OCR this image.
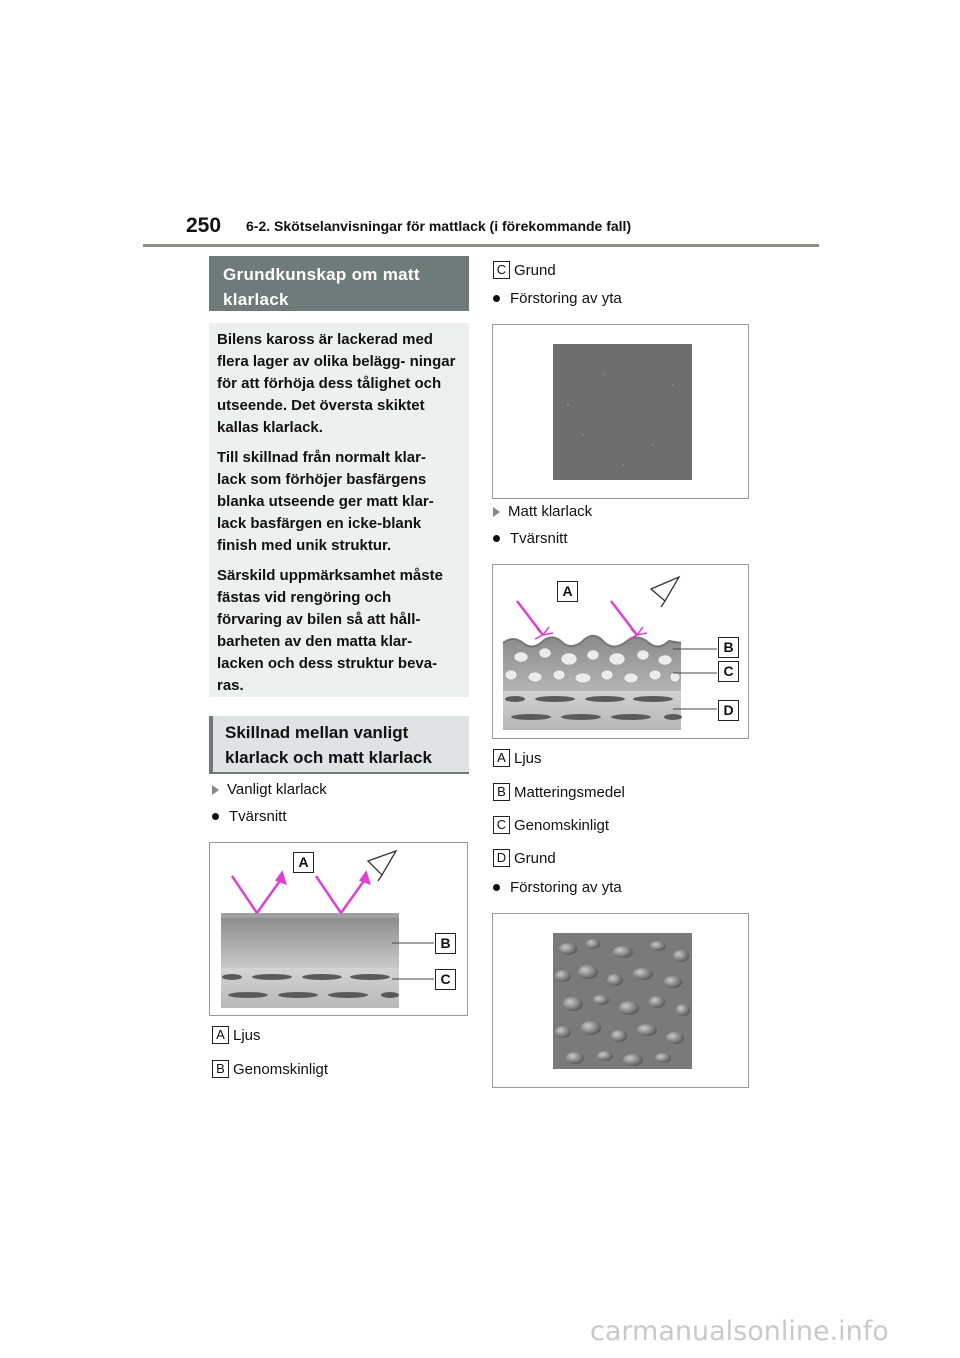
250 6-2. Skötselanvisningar för mattlack (i förekommande fall)
Grundkunskap om matt klarlack

Bilens kaross är lackerad med flera lager av olika belägg- ningar för att förhöja dess tålighet och utseende. Det översta skiktet kallas klarlack.

Till skillnad från normalt klar- lack som förhöjer basfärgens blanka utseende ger matt klar- lack basfärgen en icke-blank finish med unik struktur.

Särskild uppmärksamhet måste fästas vid rengöring och förvaring av bilen så att håll- barheten av den matta klar- lacken och dess struktur beva- ras.

Skillnad mellan vanligt klarlack och matt klarlack
Vanligt klarlack
Tvärsnitt
A
B
C
A Ljus
B Genomskinligt
C Grund
Förstoring av yta
Matt klarlack
Tvärsnitt
A
B
C
D
A Ljus
B Matteringsmedel
C Genomskinligt
D Grund
Förstoring av yta
carmanualsonline.info
